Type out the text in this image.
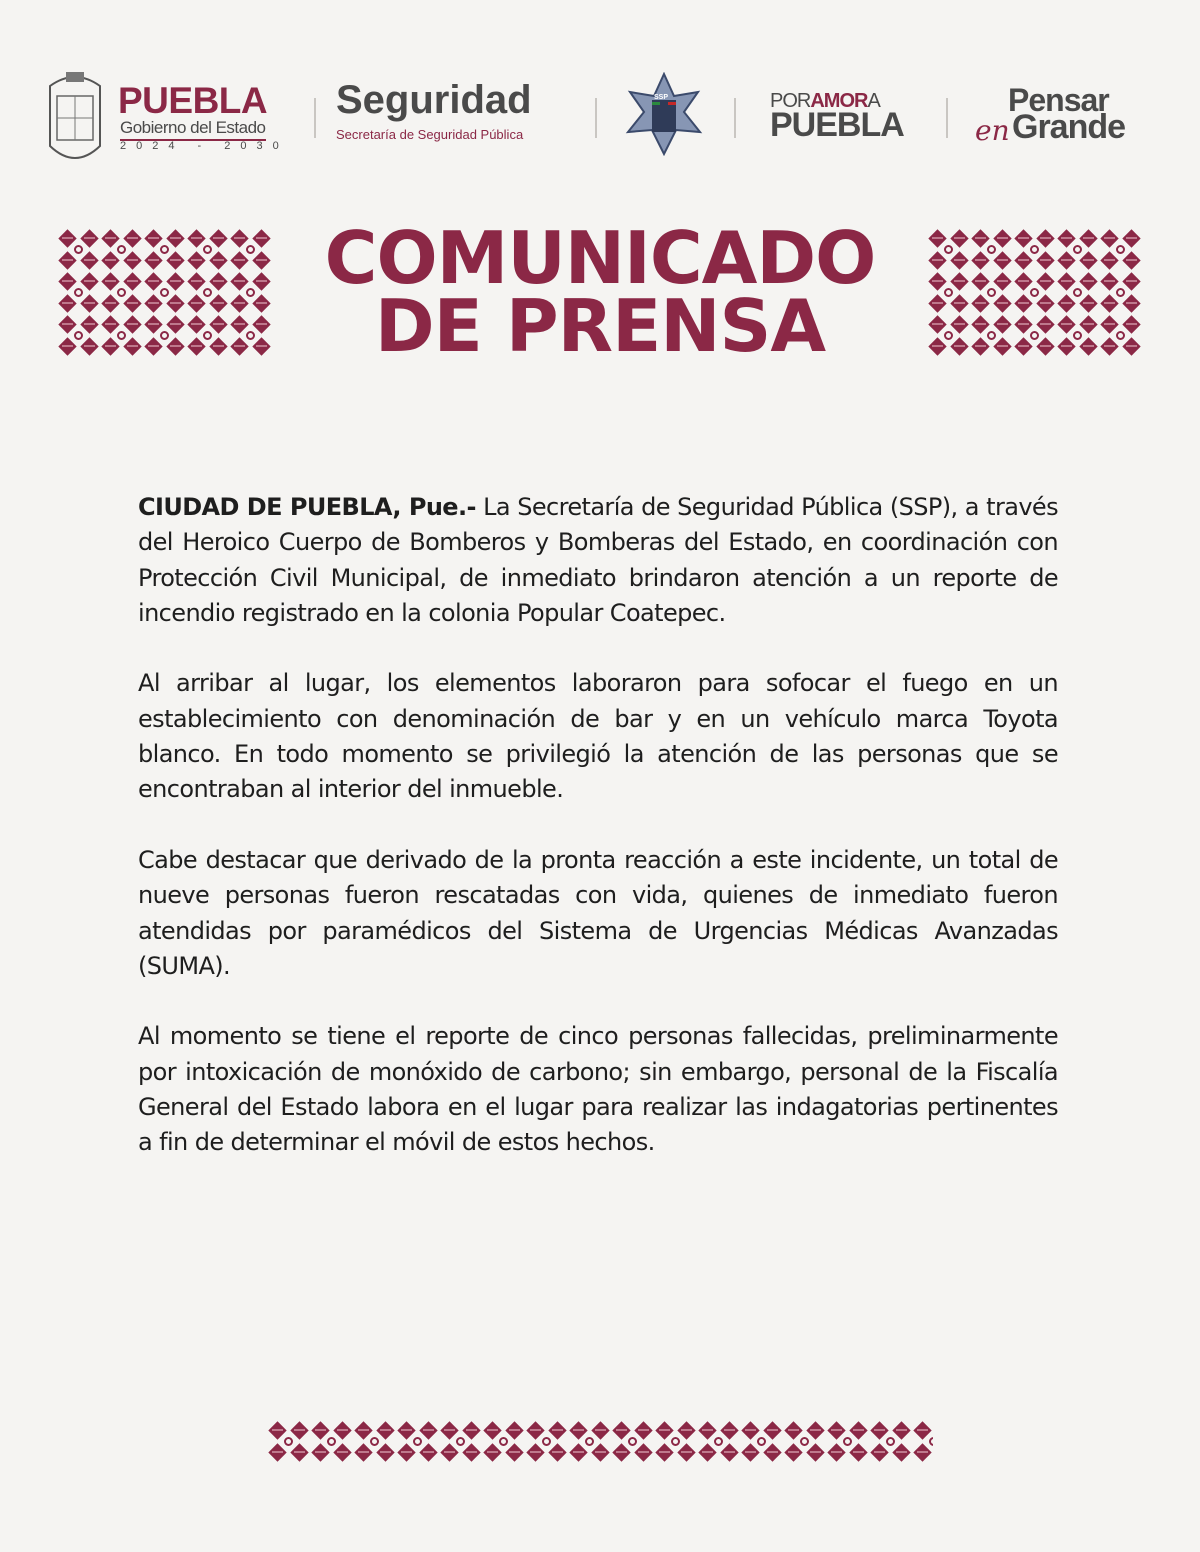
PUEBLA
Gobierno del Estado
2024 - 2030
Seguridad
Secretaría de Seguridad Pública
SSP	PORAMORA
PUEBLA
Pensar
Grande
en
COMUNICADO
DE PRENSA

CIUDAD DE PUEBLA, Pue.- La Secretaría de Seguridad Pública (SSP), a través del Heroico Cuerpo de Bomberos y Bomberas del Estado, en coordinación con Protección Civil Municipal, de inmediato brindaron atención a un reporte de incendio registrado en la colonia Popular Coatepec.

Al arribar al lugar, los elementos laboraron para sofocar el fuego en un establecimiento con denominación de bar y en un vehículo marca Toyota blanco. En todo momento se privilegió la atención de las personas que se encontraban al interior del inmueble.

Cabe destacar que derivado de la pronta reacción a este incidente, un total de nueve personas fueron rescatadas con vida, quienes de inmediato fueron atendidas por paramédicos del Sistema de Urgencias Médicas Avanzadas (SUMA).

Al momento se tiene el reporte de cinco personas fallecidas, preliminarmente por intoxicación de monóxido de carbono; sin embargo, personal de la Fiscalía General del Estado labora en el lugar para realizar las indagatorias pertinentes a fin de determinar el móvil de estos hechos.
